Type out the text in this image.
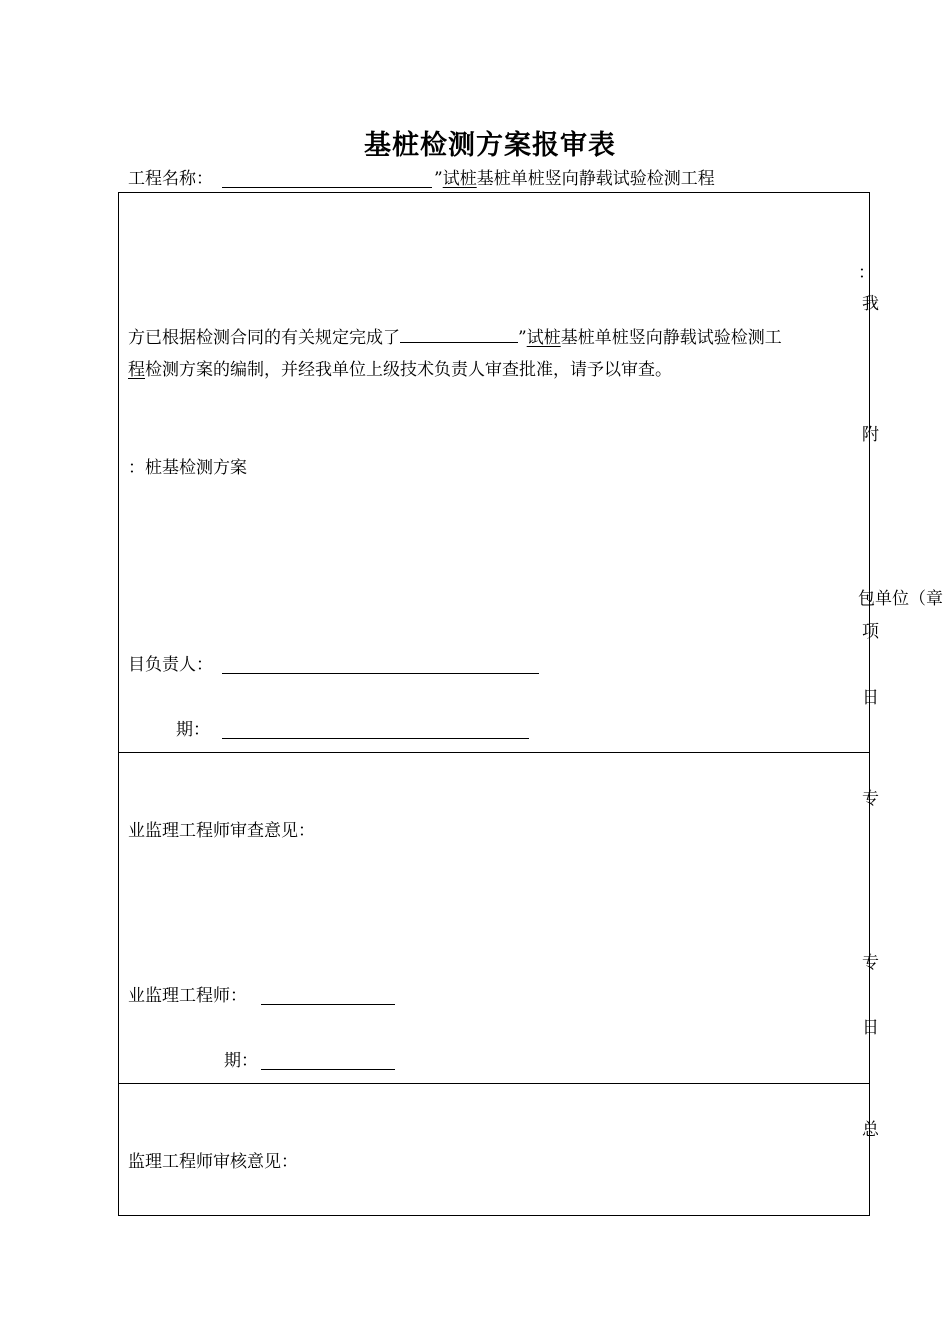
基桩检测方案报审表
工程名称：	”试桩基桩单桩竖向静载试验检测工程
：
我
方已根据检测合同的有关规定完成了	”试桩基桩单桩竖向静载试验检测工
程检测方案的编制，并经我单位上级技术负责人审查批准，请予以审查。
附
：桩基检测方案
包单位（章
项
目负责人：
日
期：
专
业监理工程师审查意见：
专
业监理工程师：
日
期：
总
监理工程师审核意见：
